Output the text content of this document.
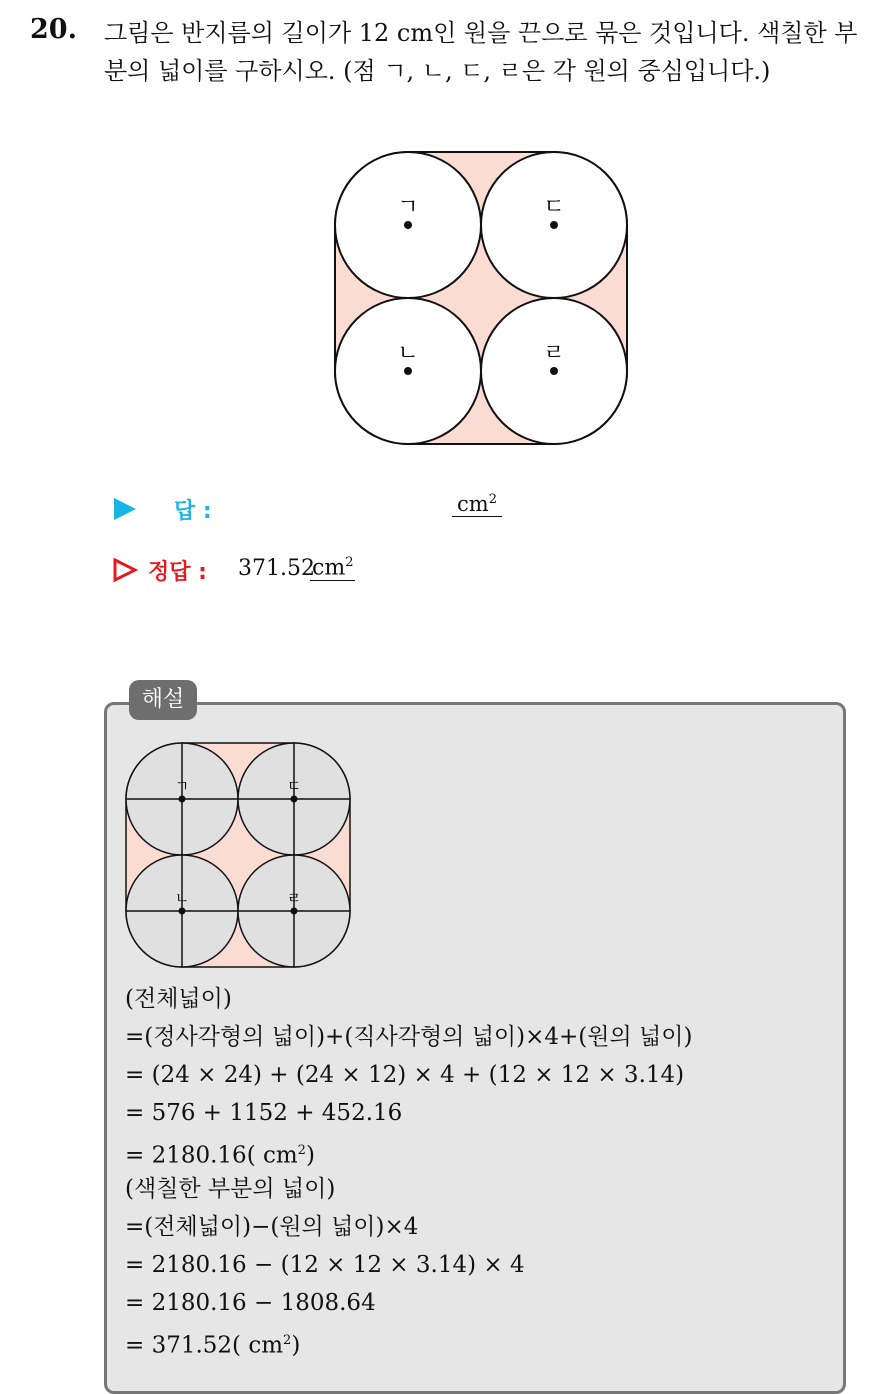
20. 그림은 반지름의 길이가 12 cm인 원을 끈으로 묶은 것입니다. 색칠한 부분의 넓이를 구하시오. (점 ㄱ, ㄴ, ㄷ, ㄹ은 각 원의 중심입니다.)
ㄱ	ㄷ
ㄴ	ㄹ
답 :	$cm^2$
정답 : 371.52
$cm^2$
해설
ㄱ	ㄷ
ㄴ	ㄹ
(전체넓이)
=(정사각형의 넓이)+(직사각형의 넓이)×4+(원의 넓이)
= (24 × 24) + (24 × 12) × 4 + (12 × 12 × 3.14)
= 576 + 1152 + 452.16
= 2180.16( $cm^2$)
(색칠한 부분의 넓이)
=(전체넓이)−(원의 넓이)×4
= 2180.16 − (12 × 12 × 3.14) × 4
= 2180.16 − 1808.64
= 371.52( $cm^2$)
